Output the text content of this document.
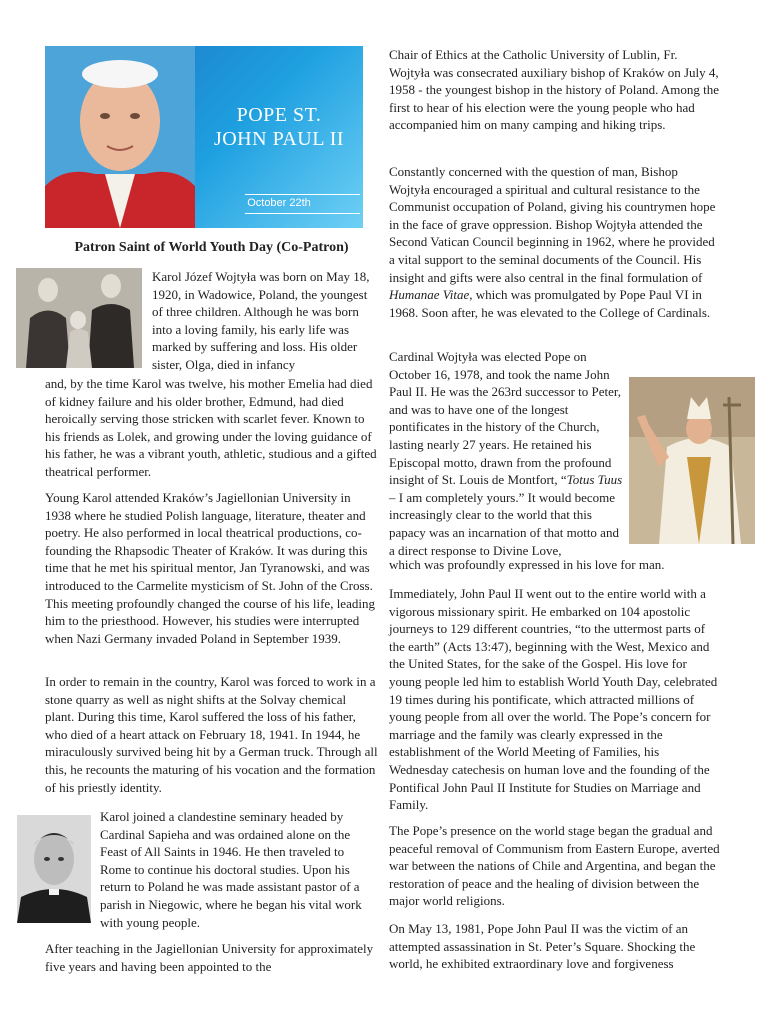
POPE ST.
JOHN PAUL II
October 22th
Patron Saint of World Youth Day (Co-Patron)

Karol Józef Wojtyła was born on May 18, 1920, in Wadowice, Poland, the youngest of three children. Although he was born into a loving family, his early life was marked by suffering and loss. His older sister, Olga, died in infancy

and, by the time Karol was twelve, his mother Emelia had died of kidney failure and his older brother, Edmund, had died heroically serving those stricken with scarlet fever. Known to his friends as Lolek, and growing under the loving guidance of his father, he was a vibrant youth, athletic, studious and a gifted theatrical performer.

Young Karol attended Kraków’s Jagiellonian University in 1938 where he studied Polish language, literature, theater and poetry. He also performed in local theatrical productions, co-founding the Rhapsodic Theater of Kraków. It was during this time that he met his spiritual mentor, Jan Tyranowski, and was introduced to the Carmelite mysticism of St. John of the Cross. This meeting profoundly changed the course of his life, leading him to the priesthood. However, his studies were interrupted when Nazi Germany invaded Poland in September 1939.

In order to remain in the country, Karol was forced to work in a stone quarry as well as night shifts at the Solvay chemical plant. During this time, Karol suffered the loss of his father, who died of a heart attack on February 18, 1941. In 1944, he miraculously survived being hit by a German truck. Through all this, he recounts the maturing of his vocation and the formation of his priestly identity.

Karol joined a clandestine seminary headed by Cardinal Sapieha and was ordained alone on the Feast of All Saints in 1946. He then traveled to Rome to continue his doctoral studies. Upon his return to Poland he was made assistant pastor of a parish in Niegowic, where he began his vital work with young people.

After teaching in the Jagiellonian University for approximately five years and having been appointed to the

Chair of Ethics at the Catholic University of Lublin, Fr. Wojtyła was consecrated auxiliary bishop of Kraków on July 4, 1958 - the youngest bishop in the history of Poland. Among the first to hear of his election were the young people who had accompanied him on many camping and hiking trips.

Constantly concerned with the question of man, Bishop Wojtyła encouraged a spiritual and cultural resistance to the Communist occupation of Poland, giving his countrymen hope in the face of grave oppression. Bishop Wojtyła attended the Second Vatican Council beginning in 1962, where he provided a vital support to the seminal documents of the Council. His insight and gifts were also central in the final formulation of Humanae Vitae, which was promulgated by Pope Paul VI in 1968. Soon after, he was elevated to the College of Cardinals.

Cardinal Wojtyła was elected Pope on October 16, 1978, and took the name John Paul II. He was the 263rd successor to Peter, and was to have one of the longest pontificates in the history of the Church, lasting nearly 27 years. He retained his Episcopal motto, drawn from the profound insight of St. Louis de Montfort, “Totus Tuus – I am completely yours.” It would become increasingly clear to the world that this papacy was an incarnation of that motto and a direct response to Divine Love,

which was profoundly expressed in his love for man.

Immediately, John Paul II went out to the entire world with a vigorous missionary spirit. He embarked on 104 apostolic journeys to 129 different countries, “to the uttermost parts of the earth” (Acts 13:47), beginning with the West, Mexico and the United States, for the sake of the Gospel. His love for young people led him to establish World Youth Day, celebrated 19 times during his pontificate, which attracted millions of young people from all over the world. The Pope’s concern for marriage and the family was clearly expressed in the establishment of the World Meeting of Families, his Wednesday catechesis on human love and the founding of the Pontifical John Paul II Institute for Studies on Marriage and Family.

The Pope’s presence on the world stage began the gradual and peaceful removal of Communism from Eastern Europe, averted war between the nations of Chile and Argentina, and began the restoration of peace and the healing of division between the major world religions.

On May 13, 1981, Pope John Paul II was the victim of an attempted assassination in St. Peter’s Square. Shocking the world, he exhibited extraordinary love and forgiveness
